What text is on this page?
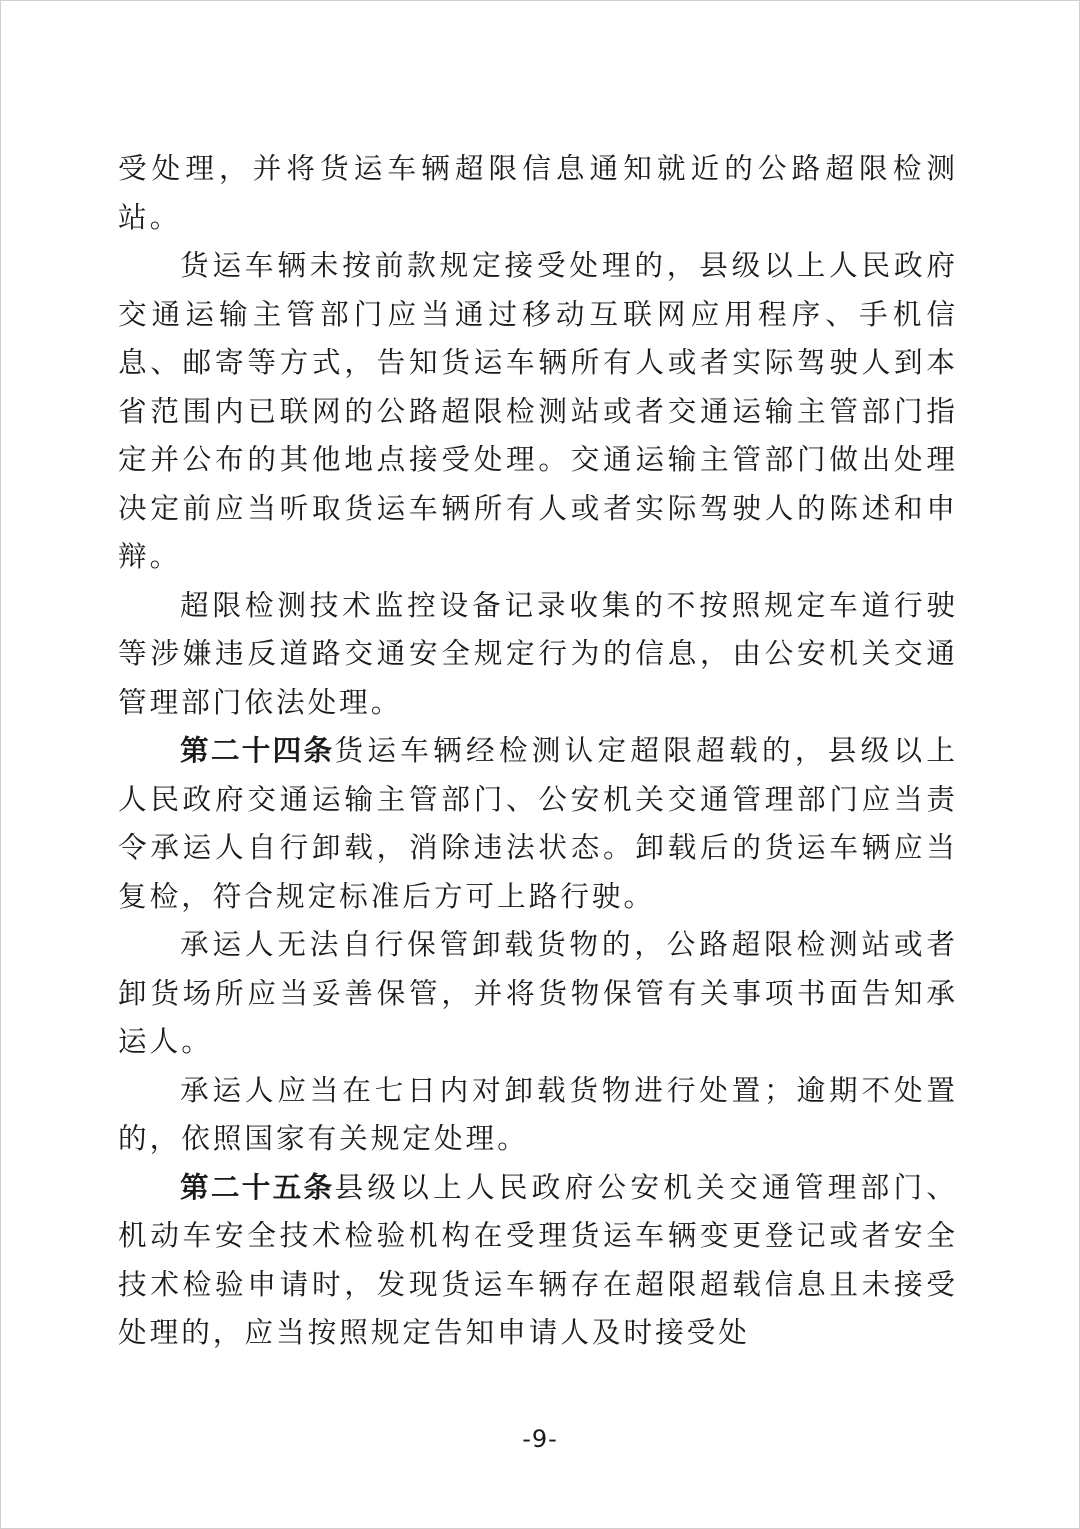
受处理，并将货运车辆超限信息通知就近的公路超限检测站。

货运车辆未按前款规定接受处理的，县级以上人民政府交通运输主管部门应当通过移动互联网应用程序、手机信息、邮寄等方式，告知货运车辆所有人或者实际驾驶人到本省范围内已联网的公路超限检测站或者交通运输主管部门指定并公布的其他地点接受处理。交通运输主管部门做出处理决定前应当听取货运车辆所有人或者实际驾驶人的陈述和申辩。

超限检测技术监控设备记录收集的不按照规定车道行驶等涉嫌违反道路交通安全规定行为的信息，由公安机关交通管理部门依法处理。

第二十四条货运车辆经检测认定超限超载的，县级以上人民政府交通运输主管部门、公安机关交通管理部门应当责令承运人自行卸载，消除违法状态。卸载后的货运车辆应当复检，符合规定标准后方可上路行驶。

承运人无法自行保管卸载货物的，公路超限检测站或者卸货场所应当妥善保管，并将货物保管有关事项书面告知承运人。

承运人应当在七日内对卸载货物进行处置；逾期不处置的，依照国家有关规定处理。

第二十五条县级以上人民政府公安机关交通管理部门、机动车安全技术检验机构在受理货运车辆变更登记或者安全技术检验申请时，发现货运车辆存在超限超载信息且未接受处理的，应当按照规定告知申请人及时接受处

-9-
